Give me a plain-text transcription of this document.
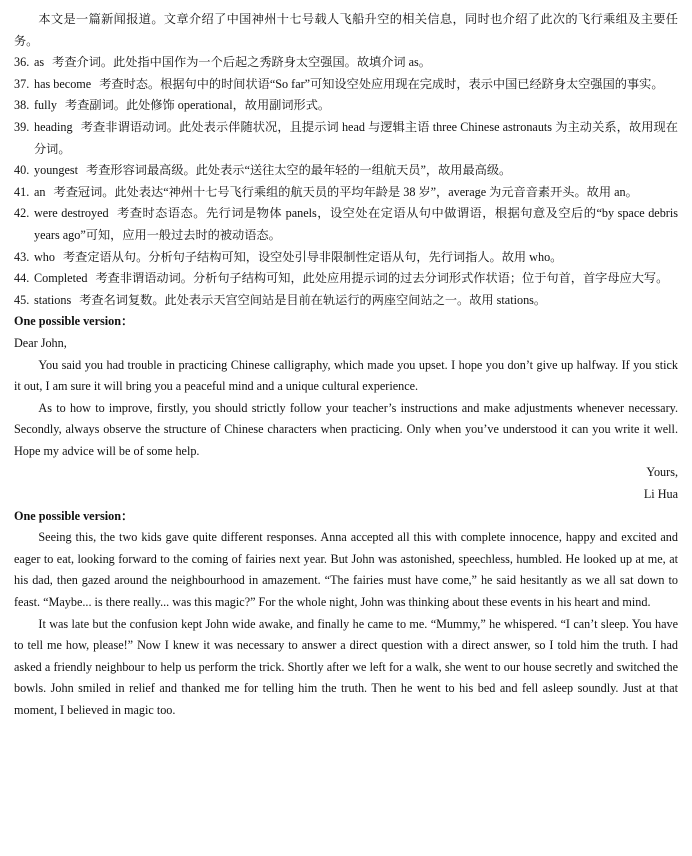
本文是一篇新闻报道。文章介绍了中国神州十七号载人飞船升空的相关信息，同时也介绍了此次的飞行乘组及主要任务。

36. as 考查介词。此处指中国作为一个后起之秀跻身太空强国。故填介词 as。
37. has become 考查时态。根据句中的时间状语“So far”可知设空处应用现在完成时，表示中国已经跻身太空强国的事实。
38. fully 考查副词。此处修饰 operational，故用副词形式。
39. heading 考查非谓语动词。此处表示伴随状况，且提示词 head 与逻辑主语 three Chinese astronauts 为主动关系，故用现在分词。
40. youngest 考查形容词最高级。此处表示“送往太空的最年轻的一组航天员”，故用最高级。
41. an 考查冠词。此处表达“神州十七号飞行乘组的航天员的平均年龄是 38 岁”，average 为元音音素开头。故用 an。
42. were destroyed 考查时态语态。先行词是物体 panels，设空处在定语从句中做谓语，根据句意及空后的“by space debris years ago”可知，应用一般过去时的被动语态。
43. who 考查定语从句。分析句子结构可知，设空处引导非限制性定语从句，先行词指人。故用 who。
44. Completed 考查非谓语动词。分析句子结构可知，此处应用提示词的过去分词形式作状语；位于句首，首字母应大写。
45. stations 考查名词复数。此处表示天宫空间站是目前在轨运行的两座空间站之一。故用 stations。

One possible version：

Dear John,

You said you had trouble in practicing Chinese calligraphy, which made you upset. I hope you don’t give up halfway. If you stick it out, I am sure it will bring you a peaceful mind and a unique cultural experience.

As to how to improve, firstly, you should strictly follow your teacher’s instructions and make adjustments whenever necessary. Secondly, always observe the structure of Chinese characters when practicing. Only when you’ve understood it can you write it well. Hope my advice will be of some help.

Yours,

Li Hua

One possible version：

Seeing this, the two kids gave quite different responses. Anna accepted all this with complete innocence, happy and excited and eager to eat, looking forward to the coming of fairies next year. But John was astonished, speechless, humbled. He looked up at me, at his dad, then gazed around the neighbourhood in amazement. “The fairies must have come,” he said hesitantly as we all sat down to feast. “Maybe... is there really... was this magic?” For the whole night, John was thinking about these events in his heart and mind.

It was late but the confusion kept John wide awake, and finally he came to me. “Mummy,” he whispered. “I can’t sleep. You have to tell me how, please!” Now I knew it was necessary to answer a direct question with a direct answer, so I told him the truth. I had asked a friendly neighbour to help us perform the trick. Shortly after we left for a walk, she went to our house secretly and switched the bowls. John smiled in relief and thanked me for telling him the truth. Then he went to his bed and fell asleep soundly. Just at that moment, I believed in magic too.
